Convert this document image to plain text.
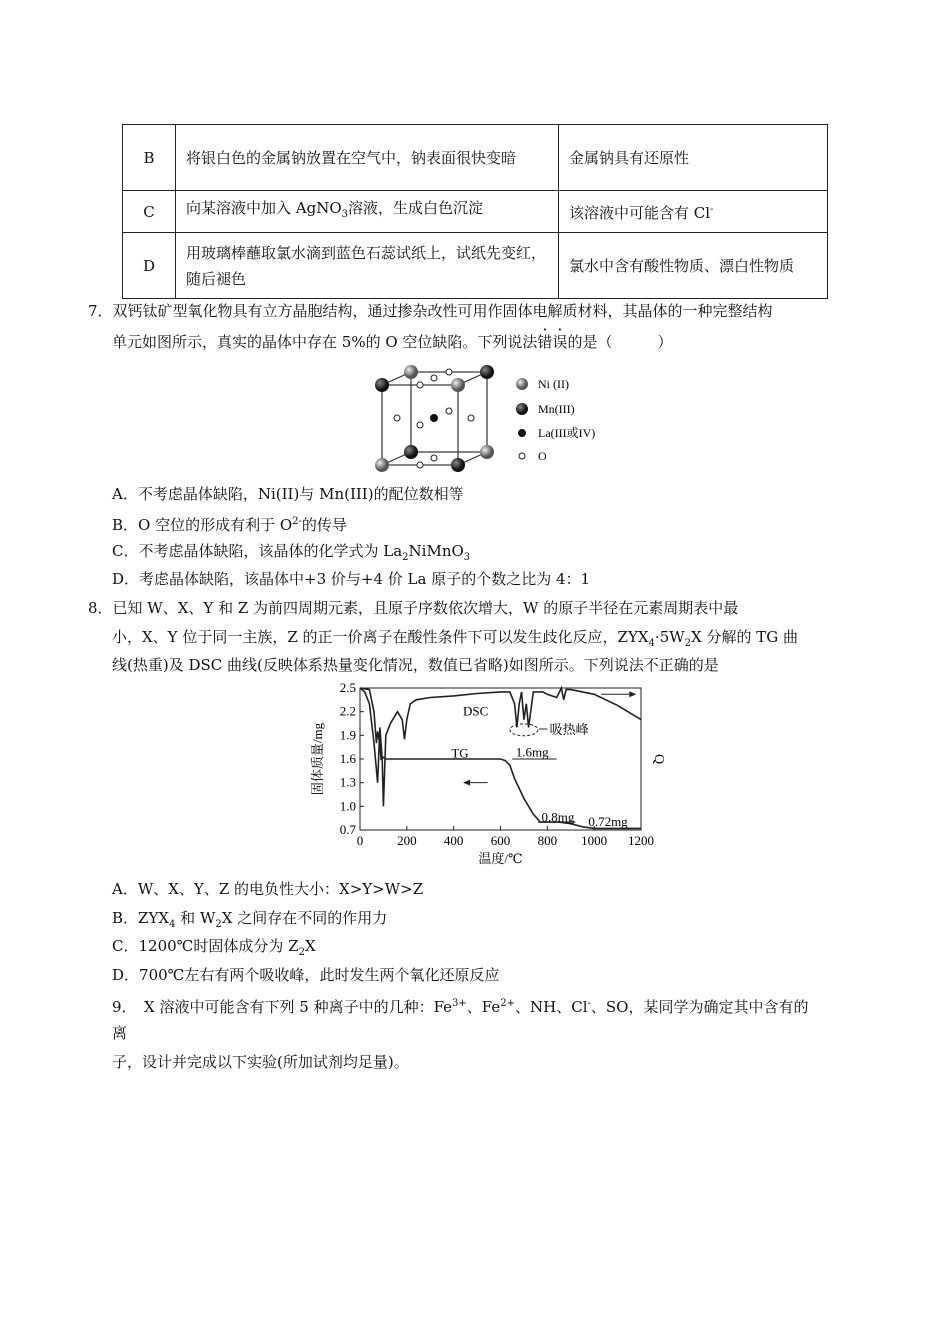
B	将银白色的金属钠放置在空气中，钠表面很快变暗	金属钠具有还原性
C	向某溶液中加入 AgNO$_3$溶液，生成白色沉淀	该溶液中可能含有 Cl-
D	用玻璃棒蘸取氯水滴到蓝色石蕊试纸上，试纸先变红，随后褪色	氯水中含有酸性物质、漂白性物质
7．双钙钛矿型氧化物具有立方晶胞结构，通过掺杂改性可用作固体电解质材料，其晶体的一种完整结构
单元如图所示，真实的晶体中存在 5%的 O 空位缺陷。下列说法错误的是（　　　）
Ni (II)
Mn(III)
La(III或IV)
O
A．不考虑晶体缺陷，Ni(II)与 Mn(III)的配位数相等
B．O 空位的形成有利于 $O^{2-}$的传导
C．不考虑晶体缺陷，该晶体的化学式为 $La_2NiMnO_3$
D．考虑晶体缺陷，该晶体中+3 价与+4 价 La 原子的个数之比为 4：1
8．已知 W、X、Y 和 Z 为前四周期元素，且原子序数依次增大，W 的原子半径在元素周期表中最
小，X、Y 位于同一主族，Z 的正一价离子在酸性条件下可以发生歧化反应，$ZYX_4\cdot 5W_2X$ 分解的 TG 曲
线(热重)及 DSC 曲线(反映体系热量变化情况，数值已省略)如图所示。下列说法不正确的是
0	200 400 600 800 1000 1200
0.7
1.0
1.3
1.6
1.9
2.2
2.5
温度/℃
固体质量/mg	Q
DSC
TG	1.6mg
0.8mg 0.72mg
吸热峰
A．W、X、Y、Z 的电负性大小：X>Y>W>Z
B．$ZYX_4$ 和 $W_2X$ 之间存在不同的作用力
C．1200℃时固体成分为 $Z_2X$
D．700℃左右有两个吸收峰，此时发生两个氧化还原反应
9．　X 溶液中可能含有下列 5 种离子中的几种：$Fe^{3+}$、$Fe^{2+}$、NH、Cl-、SO，某同学为确定其中含有的
离
子，设计并完成以下实验(所加试剂均足量)。
